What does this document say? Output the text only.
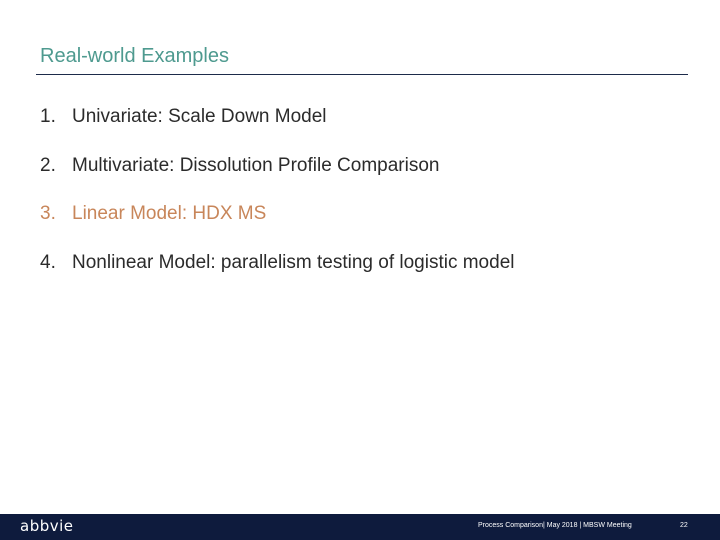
Real-world Examples
1. Univariate: Scale Down Model
2. Multivariate: Dissolution Profile Comparison
3. Linear Model: HDX MS
4. Nonlinear Model: parallelism testing of logistic model
abbvie	Process Comparison| May 2018 | MBSW Meeting	22
